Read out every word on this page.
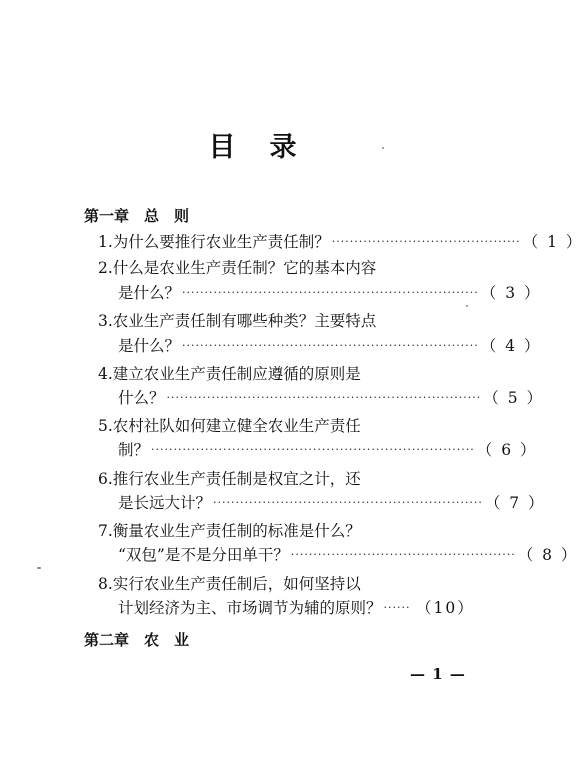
目录
第一章　总　则
1.为什么要推行农业生产责任制？ ·········································· （ 1 ）
2.什么是农业生产责任制？它的基本内容
是什么？ ·································································· （ 3 ）
3.农业生产责任制有哪些种类？主要特点
是什么？ ·································································· （ 4 ）
4.建立农业生产责任制应遵循的原则是
什么？ ······································································ （ 5 ）
5.农村社队如何建立健全农业生产责任
制？ ········································································ （ 6 ）
6.推行农业生产责任制是权宜之计，还
是长远大计？ ···························································· （ 7 ）
7.衡量农业生产责任制的标准是什么？
“双包”是不是分田单干？ ·················································· （ 8 ）
8.实行农业生产责任制后，如何坚持以
计划经济为主、市场调节为辅的原则？ ······ （10）
第二章　农　业
— 1 —
